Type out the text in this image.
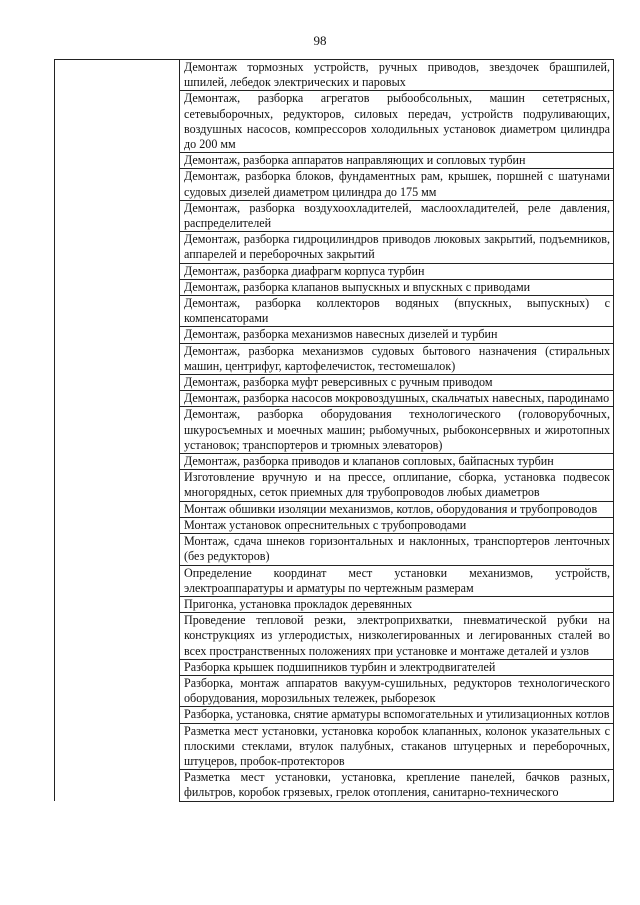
98
	Демонтаж тормозных устройств, ручных приводов, звездочек брашпилей, шпилей, лебедок электрических и паровых
Демонтаж, разборка агрегатов рыбообсольных, машин сететрясных, сетевыборочных, редукторов, силовых передач, устройств подруливающих, воздушных насосов, компрессоров холодильных установок диаметром цилиндра до 200 мм
Демонтаж, разборка аппаратов направляющих и сопловых турбин
Демонтаж, разборка блоков, фундаментных рам, крышек, поршней с шатунами судовых дизелей диаметром цилиндра до 175 мм
Демонтаж, разборка воздухоохладителей, маслоохладителей, реле давления, распределителей
Демонтаж, разборка гидроцилиндров приводов люковых закрытий, подъемников, аппарелей и переборочных закрытий
Демонтаж, разборка диафрагм корпуса турбин
Демонтаж, разборка клапанов выпускных и впускных с приводами
Демонтаж, разборка коллекторов водяных (впускных, выпускных) с компенсаторами
Демонтаж, разборка механизмов навесных дизелей и турбин
Демонтаж, разборка механизмов судовых бытового назначения (стиральных машин, центрифуг, картофелечисток, тестомешалок)
Демонтаж, разборка муфт реверсивных с ручным приводом
Демонтаж, разборка насосов мокровоздушных, скальчатых навесных, пародинамо
Демонтаж, разборка оборудования технологического (головорубочных, шкуросъемных и моечных машин; рыбомучных, рыбоконсервных и жиротопных установок; транспортеров и трюмных элеваторов)
Демонтаж, разборка приводов и клапанов сопловых, байпасных турбин
Изготовление вручную и на прессе, оплипание, сборка, установка подвесок многорядных, сеток приемных для трубопроводов любых диаметров
Монтаж обшивки изоляции механизмов, котлов, оборудования и трубопроводов
Монтаж установок опреснительных с трубопроводами
Монтаж, сдача шнеков горизонтальных и наклонных, транспортеров ленточных (без редукторов)
Определение координат мест установки механизмов, устройств, электроаппаратуры и арматуры по чертежным размерам
Пригонка, установка прокладок деревянных
Проведение тепловой резки, электроприхватки, пневматической рубки на конструкциях из углеродистых, низколегированных и легированных сталей во всех пространственных положениях при установке и монтаже деталей и узлов
Разборка крышек подшипников турбин и электродвигателей
Разборка, монтаж аппаратов вакуум-сушильных, редукторов технологического оборудования, морозильных тележек, рыборезок
Разборка, установка, снятие арматуры вспомогательных и утилизационных котлов
Разметка мест установки, установка коробок клапанных, колонок указательных с плоскими стеклами, втулок палубных, стаканов штуцерных и переборочных, штуцеров, пробок-протекторов
Разметка мест установки, установка, крепление панелей, бачков разных, фильтров, коробок грязевых, грелок отопления, санитарно-технического
